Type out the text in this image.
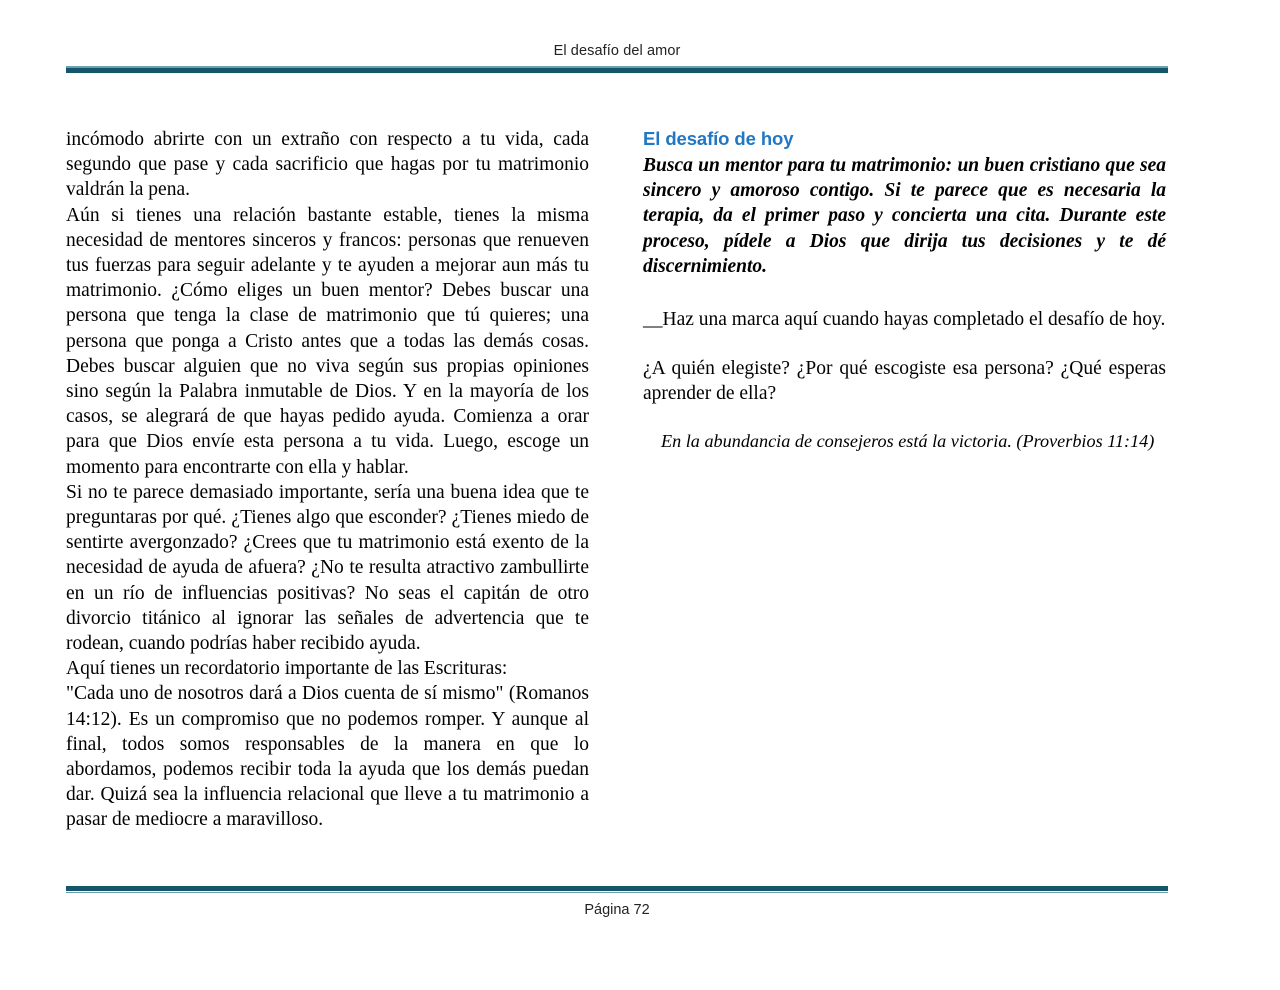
El desafío del amor

incómodo abrirte con un extraño con respecto a tu vida, cada segundo que pase y cada sacrificio que hagas por tu matrimonio valdrán la pena.

Aún si tienes una relación bastante estable, tienes la misma necesidad de mentores sinceros y francos: personas que renueven tus fuerzas para seguir adelante y te ayuden a mejorar aun más tu matrimonio. ¿Cómo eliges un buen mentor? Debes buscar una persona que tenga la clase de matrimonio que tú quieres; una persona que ponga a Cristo antes que a todas las demás cosas. Debes buscar alguien que no viva según sus propias opiniones sino según la Palabra inmutable de Dios. Y en la mayoría de los casos, se alegrará de que hayas pedido ayuda. Comienza a orar para que Dios envíe esta persona a tu vida. Luego, escoge un momento para encontrarte con ella y hablar.

Si no te parece demasiado importante, sería una buena idea que te preguntaras por qué. ¿Tienes algo que esconder? ¿Tienes miedo de sentirte avergonzado? ¿Crees que tu matrimonio está exento de la necesidad de ayuda de afuera? ¿No te resulta atractivo zambullirte en un río de influencias positivas? No seas el capitán de otro divorcio titánico al ignorar las señales de advertencia que te rodean, cuando podrías haber recibido ayuda.

Aquí tienes un recordatorio importante de las Escrituras:

"Cada uno de nosotros dará a Dios cuenta de sí mismo" (Romanos 14:12). Es un compromiso que no podemos romper. Y aunque al final, todos somos responsables de la manera en que lo abordamos, podemos recibir toda la ayuda que los demás puedan dar. Quizá sea la influencia relacional que lleve a tu matrimonio a pasar de mediocre a maravilloso.

El desafío de hoy

Busca un mentor para tu matrimonio: un buen cristiano que sea sincero y amoroso contigo. Si te parece que es necesaria la terapia, da el primer paso y concierta una cita. Durante este proceso, pídele a Dios que dirija tus decisiones y te dé discernimiento.

__Haz una marca aquí cuando hayas completado el desafío de hoy.

¿A quién elegiste? ¿Por qué escogiste esa persona? ¿Qué esperas aprender de ella?

En la abundancia de consejeros está la victoria. (Proverbios 11:14)

Página 72
